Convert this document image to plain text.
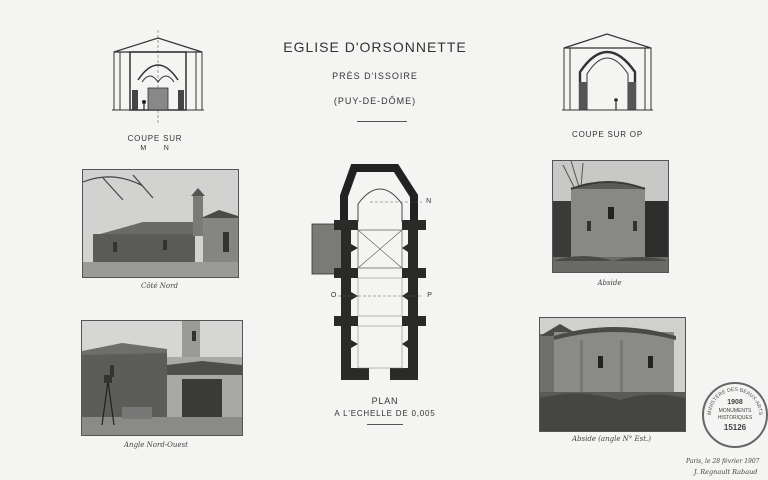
EGLISE D'ORSONNETTE
PRÈS D'ISSOIRE
(PUY-DE-DÔME)
COUPE SUR
M N
COUPE SUR OP
Côté Nord	Abside
Angle Nord-Ouest
Abside (angle N° Est.)
N
O	P
PLAN
A L'ECHELLE DE 0,005	MINISTÈRE DES BEAUX-ARTS
1908
MONUMENTS
HISTORIQUES
15126
Paris, le 28 février 1907
J. Regnault Rabaud
